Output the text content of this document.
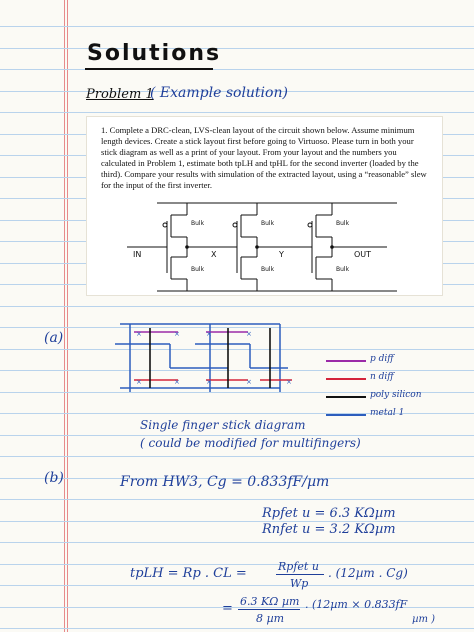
Solutions
Problem 1
( Example solution)
1. Complete a DRC-clean, LVS-clean layout of the circuit shown below. Assume minimum length devices. Create a stick layout first before going to Virtuoso. Please turn in both your stick diagram as well as a print of your layout. From your layout and the numbers you calculated in Problem 1, estimate both tpLH and tpHL for the second inverter (loaded by the third). Compare your results with simulation of the extracted layout, using a “reasonable” slew for the input of the first inverter.
Bulk
Bulk
Bulk
Bulk
Bulk
Bulk
IN	X	Y	OUT
(a)	×	×	×	×
×	×	×	×	×
p diff
n diff
poly silicon
metal 1
Single finger stick diagram
( could be modified for multifingers)
(b)	From HW3, Cg = 0.833fF/µm
Rpfet u = 6.3 KΩµm
Rnfet u = 3.2 KΩµm
tpLH = Rp . CL =	Rpfet u
Wp
. (12µm . Cg)
= 6.3 KΩ µm
8 µm
. (12µm × 0.833fF
µm )
